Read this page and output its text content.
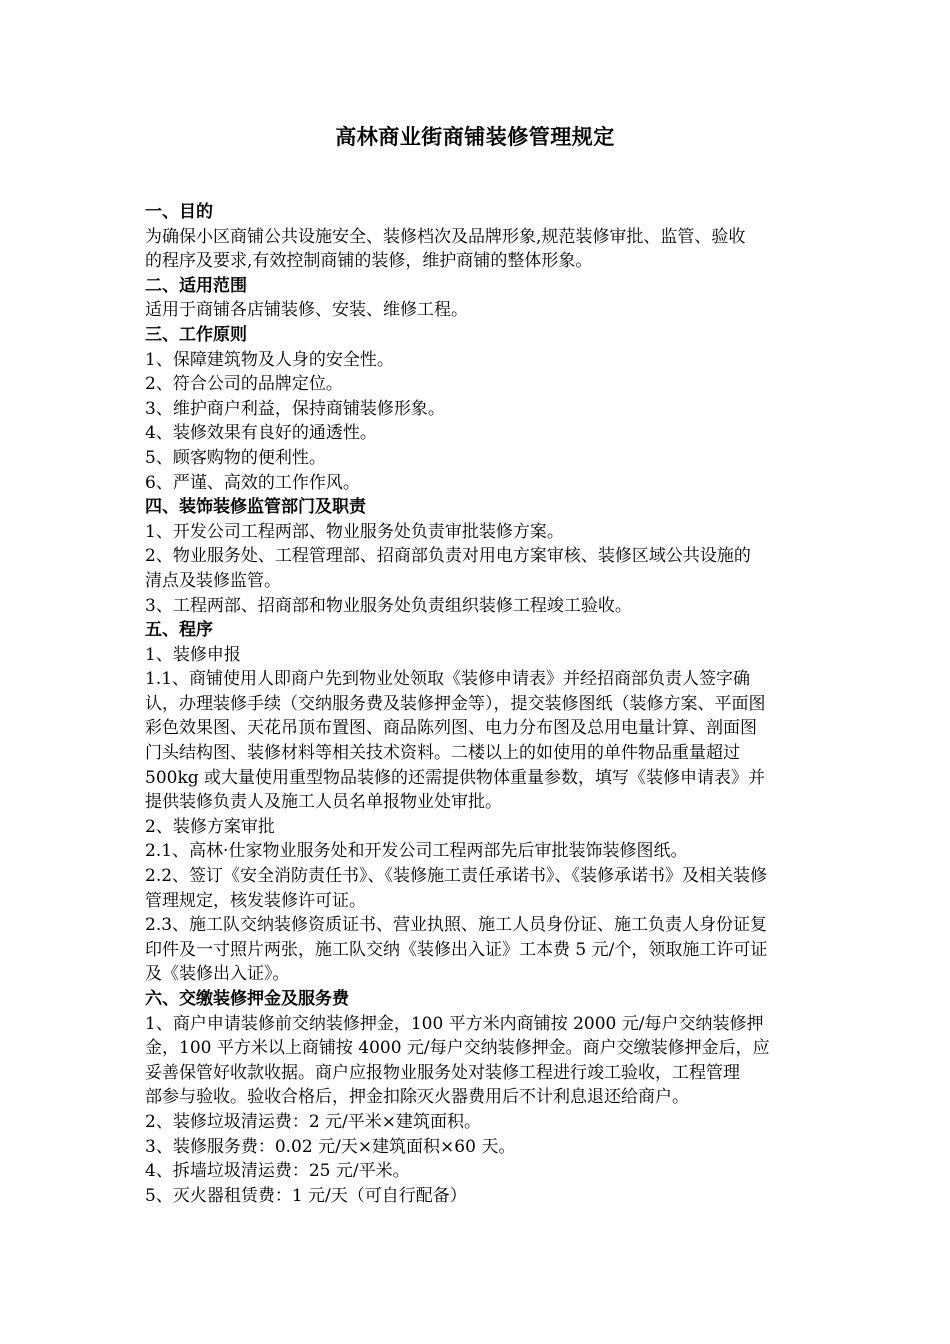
高林商业街商铺装修管理规定
一、目的
为确保小区商铺公共设施安全、装修档次及品牌形象,规范装修审批、监管、验收
的程序及要求,有效控制商铺的装修，维护商铺的整体形象。
二、适用范围
适用于商铺各店铺装修、安装、维修工程。
三、工作原则
1、保障建筑物及人身的安全性。
2、符合公司的品牌定位。
3、维护商户利益，保持商铺装修形象。
4、装修效果有良好的通透性。
5、顾客购物的便利性。
6、严谨、高效的工作作风。
四、装饰装修监管部门及职责
1、开发公司工程两部、物业服务处负责审批装修方案。
2、物业服务处、工程管理部、招商部负责对用电方案审核、装修区域公共设施的
清点及装修监管。
3、工程两部、招商部和物业服务处负责组织装修工程竣工验收。
五、程序
1、装修申报
1.1、商铺使用人即商户先到物业处领取《装修申请表》并经招商部负责人签字确
认，办理装修手续（交纳服务费及装修押金等），提交装修图纸（装修方案、平面图
彩色效果图、天花吊顶布置图、商品陈列图、电力分布图及总用电量计算、剖面图
门头结构图、装修材料等相关技术资料。二楼以上的如使用的单件物品重量超过
500kg 或大量使用重型物品装修的还需提供物体重量参数，填写《装修申请表》并
提供装修负责人及施工人员名单报物业处审批。
2、装修方案审批
2.1、高林·仕家物业服务处和开发公司工程两部先后审批装饰装修图纸。
2.2、签订《安全消防责任书》、《装修施工责任承诺书》、《装修承诺书》及相关装修
管理规定，核发装修许可证。
2.3、施工队交纳装修资质证书、营业执照、施工人员身份证、施工负责人身份证复
印件及一寸照片两张，施工队交纳《装修出入证》工本费 5 元/个，领取施工许可证
及《装修出入证》。
六、交缴装修押金及服务费
1、商户申请装修前交纳装修押金，100 平方米内商铺按 2000 元/每户交纳装修押
金，100 平方米以上商铺按 4000 元/每户交纳装修押金。商户交缴装修押金后，应
妥善保管好收款收据。商户应报物业服务处对装修工程进行竣工验收，工程管理
部参与验收。验收合格后，押金扣除灭火器费用后不计利息退还给商户。
2、装修垃圾清运费：2 元/平米×建筑面积。
3、装修服务费：0.02 元/天×建筑面积×60 天。
4、拆墙垃圾清运费：25 元/平米。
5、灭火器租赁费：1 元/天（可自行配备）
